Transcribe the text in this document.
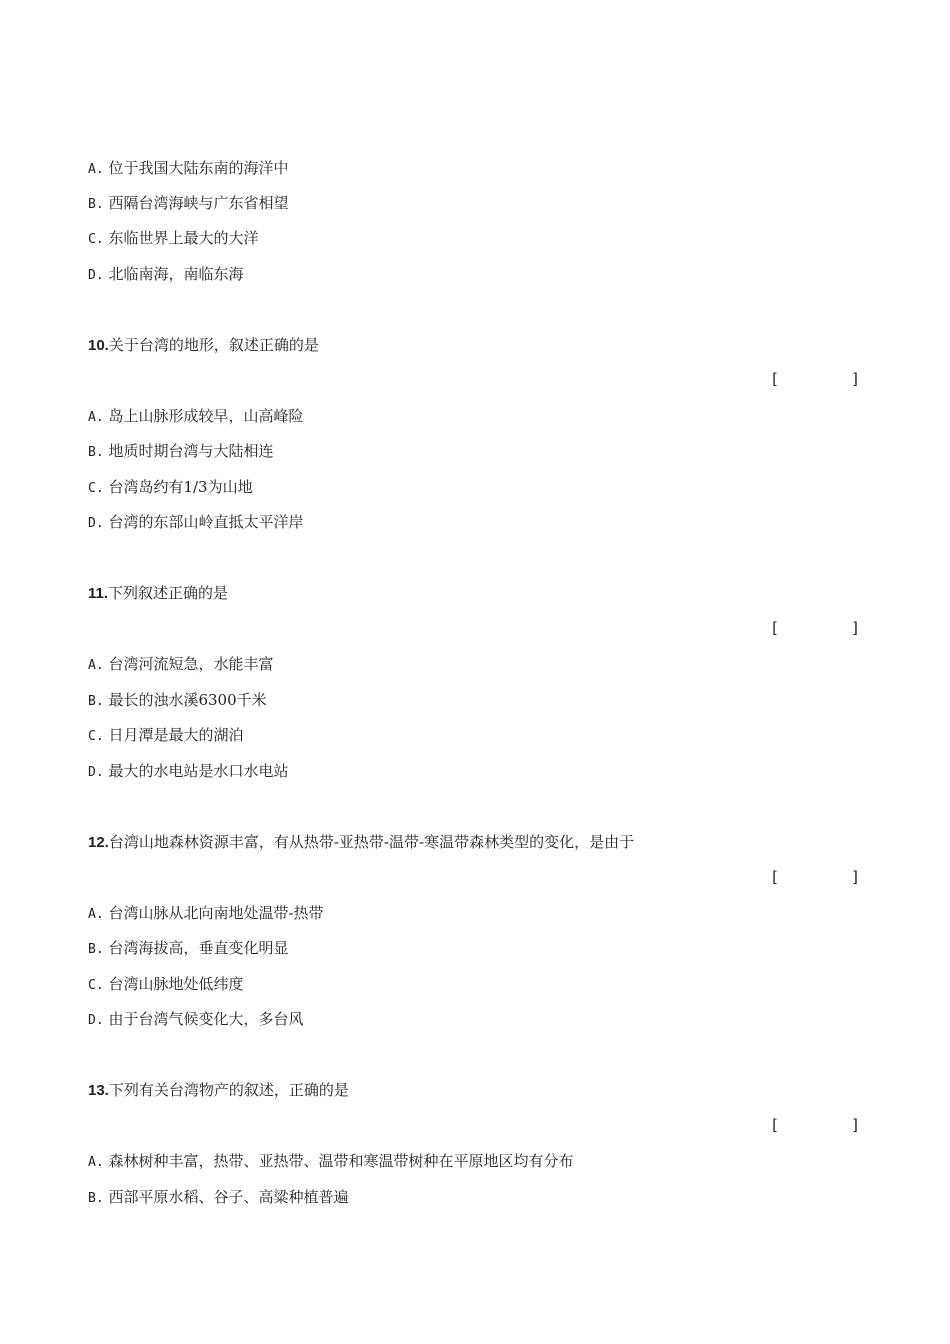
A. 位于我国大陆东南的海洋中
B. 西隔台湾海峡与广东省相望
C. 东临世界上最大的大洋
D. 北临南海，南临东海
10.关于台湾的地形，叙述正确的是
[	]
A. 岛上山脉形成较早，山高峰险
B. 地质时期台湾与大陆相连
C. 台湾岛约有1/3为山地
D. 台湾的东部山岭直抵太平洋岸
11.下列叙述正确的是
[	]
A. 台湾河流短急，水能丰富
B. 最长的浊水溪6300千米
C. 日月潭是最大的湖泊
D. 最大的水电站是水口水电站
12.台湾山地森林资源丰富，有从热带-亚热带-温带-寒温带森林类型的变化，是由于
[	]
A. 台湾山脉从北向南地处温带-热带
B. 台湾海拔高，垂直变化明显
C. 台湾山脉地处低纬度
D. 由于台湾气候变化大，多台风
13.下列有关台湾物产的叙述，正确的是
[	]
A. 森林树种丰富，热带、亚热带、温带和寒温带树种在平原地区均有分布
B. 西部平原水稻、谷子、高粱种植普遍
